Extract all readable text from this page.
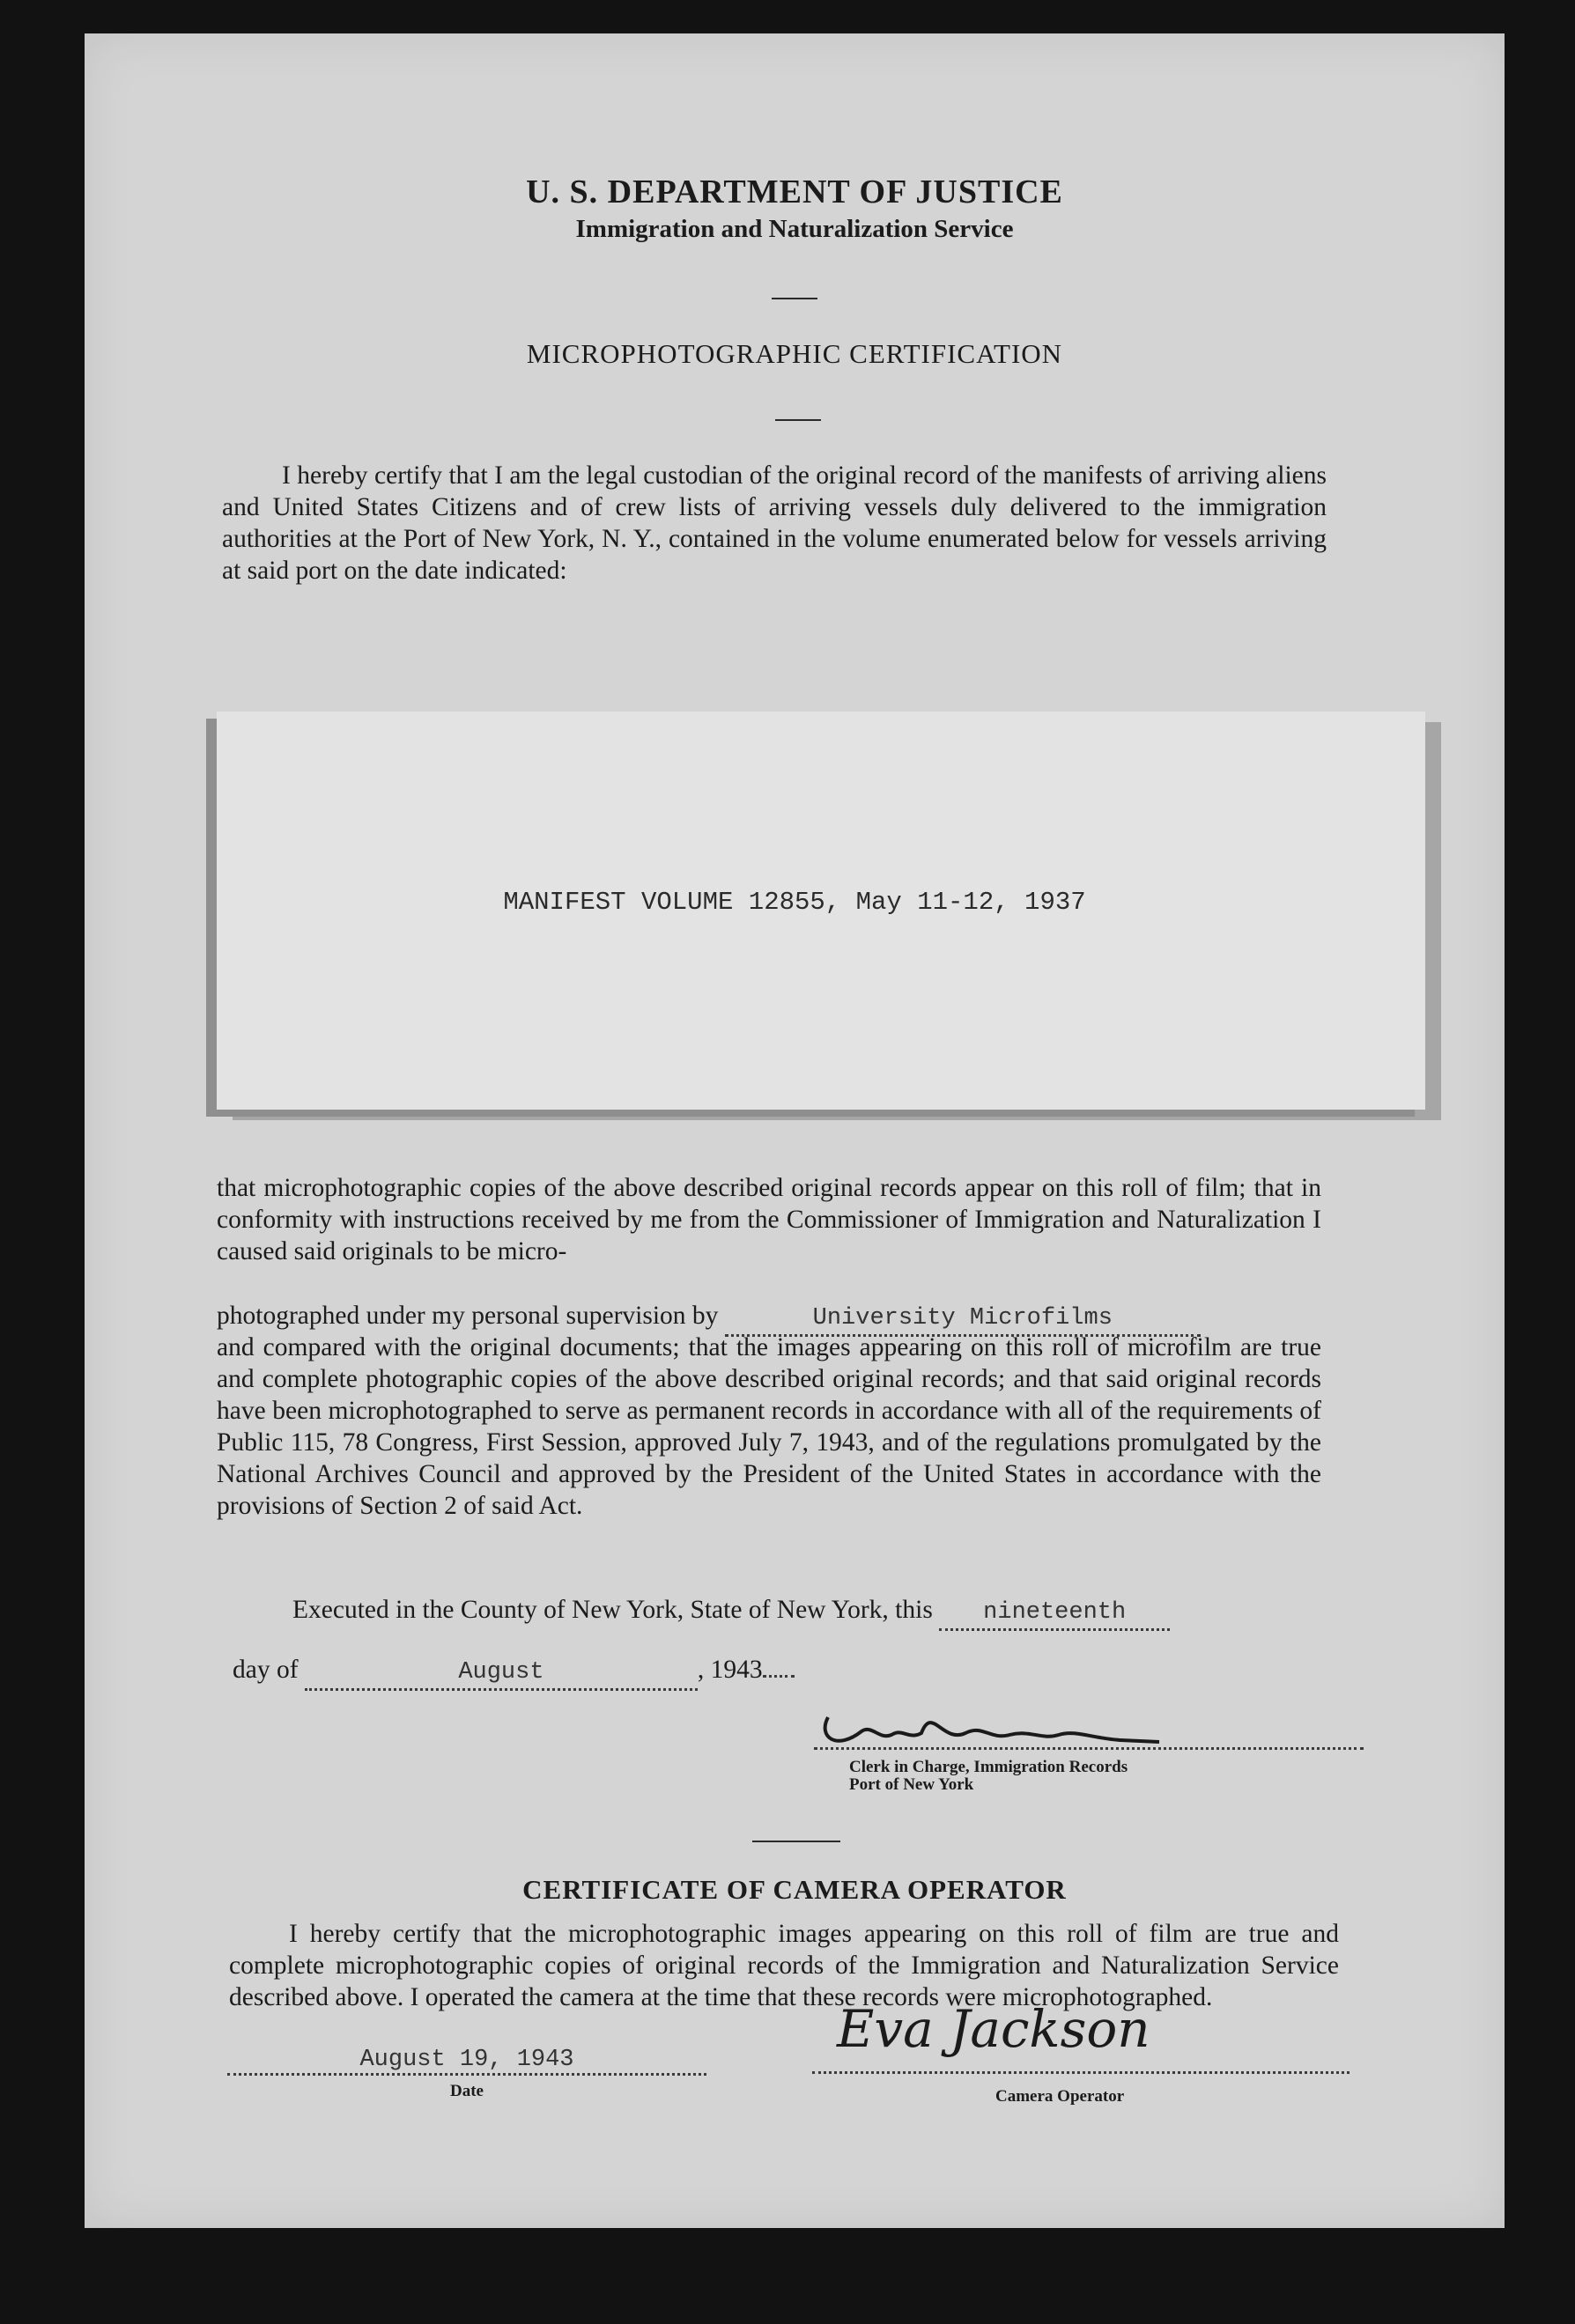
U. S. DEPARTMENT OF JUSTICE
Immigration and Naturalization Service
MICROPHOTOGRAPHIC CERTIFICATION
I hereby certify that I am the legal custodian of the original record of the manifests of arriving aliens and United States Citizens and of crew lists of arriving vessels duly delivered to the immigration authorities at the Port of New York, N. Y., contained in the volume enumerated below for vessels arriving at said port on the date indicated:
MANIFEST VOLUME 12855, May 11-12, 1937
that microphotographic copies of the above described original records appear on this roll of film; that in conformity with instructions received by me from the Commissioner of Immigration and Naturalization I caused said originals to be micro-
photographed under my personal supervision by	University Microfilms
and compared with the original documents; that the images appearing on this roll of microfilm are true and complete photographic copies of the above described original records; and that said original records have been microphotographed to serve as permanent records in accordance with all of the requirements of Public 115, 78 Congress, First Session, approved July 7, 1943, and of the regulations promulgated by the National Archives Council and approved by the President of the United States in accordance with the provisions of Section 2 of said Act.
Executed in the County of New York, State of New York, this nineteenth
day of	August	, 1943
Clerk in Charge, Immigration Records
Port of New York
CERTIFICATE OF CAMERA OPERATOR
I hereby certify that the microphotographic images appearing on this roll of film are true and complete microphotographic copies of original records of the Immigration and Naturalization Service described above. I operated the camera at the time that these records were microphotographed.
August 19, 1943
Date
Eva Jackson
Camera Operator
